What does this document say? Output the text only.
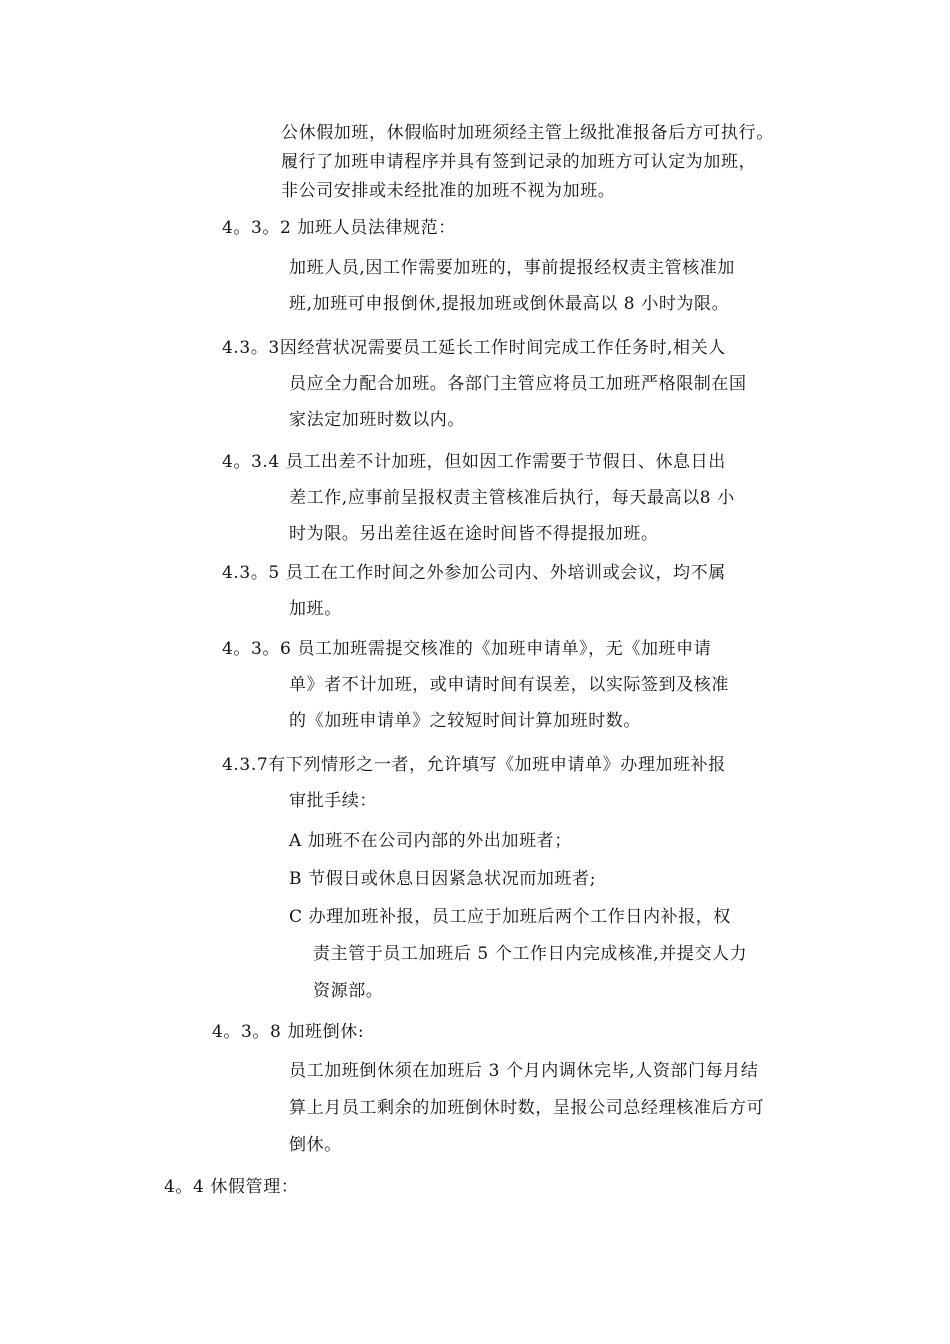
公休假加班，休假临时加班须经主管上级批准报备后方可执行。
履行了加班申请程序并具有签到记录的加班方可认定为加班，
非公司安排或未经批准的加班不视为加班。
4。3。2 加班人员法律规范：
加班人员,因工作需要加班的，事前提报经权责主管核准加
班,加班可申报倒休,提报加班或倒休最高以 8 小时为限。
4.3。3因经营状况需要员工延长工作时间完成工作任务时,相关人
员应全力配合加班。各部门主管应将员工加班严格限制在国
家法定加班时数以内。
4。3.4 员工出差不计加班，但如因工作需要于节假日、休息日出
差工作,应事前呈报权责主管核准后执行，每天最高以8 小
时为限。另出差往返在途时间皆不得提报加班。
4.3。5 员工在工作时间之外参加公司内、外培训或会议，均不属
加班。
4。3。6 员工加班需提交核准的《加班申请单》，无《加班申请
单》者不计加班，或申请时间有误差，以实际签到及核准
的《加班申请单》之较短时间计算加班时数。
4.3.7有下列情形之一者，允许填写《加班申请单》办理加班补报
审批手续：
A 加班不在公司内部的外出加班者；
B 节假日或休息日因紧急状况而加班者;
C 办理加班补报，员工应于加班后两个工作日内补报，权
责主管于员工加班后 5 个工作日内完成核准,并提交人力
资源部。
4。3。8 加班倒休:
员工加班倒休须在加班后 3 个月内调休完毕,人资部门每月结
算上月员工剩余的加班倒休时数，呈报公司总经理核准后方可
倒休。
4。4 休假管理：
